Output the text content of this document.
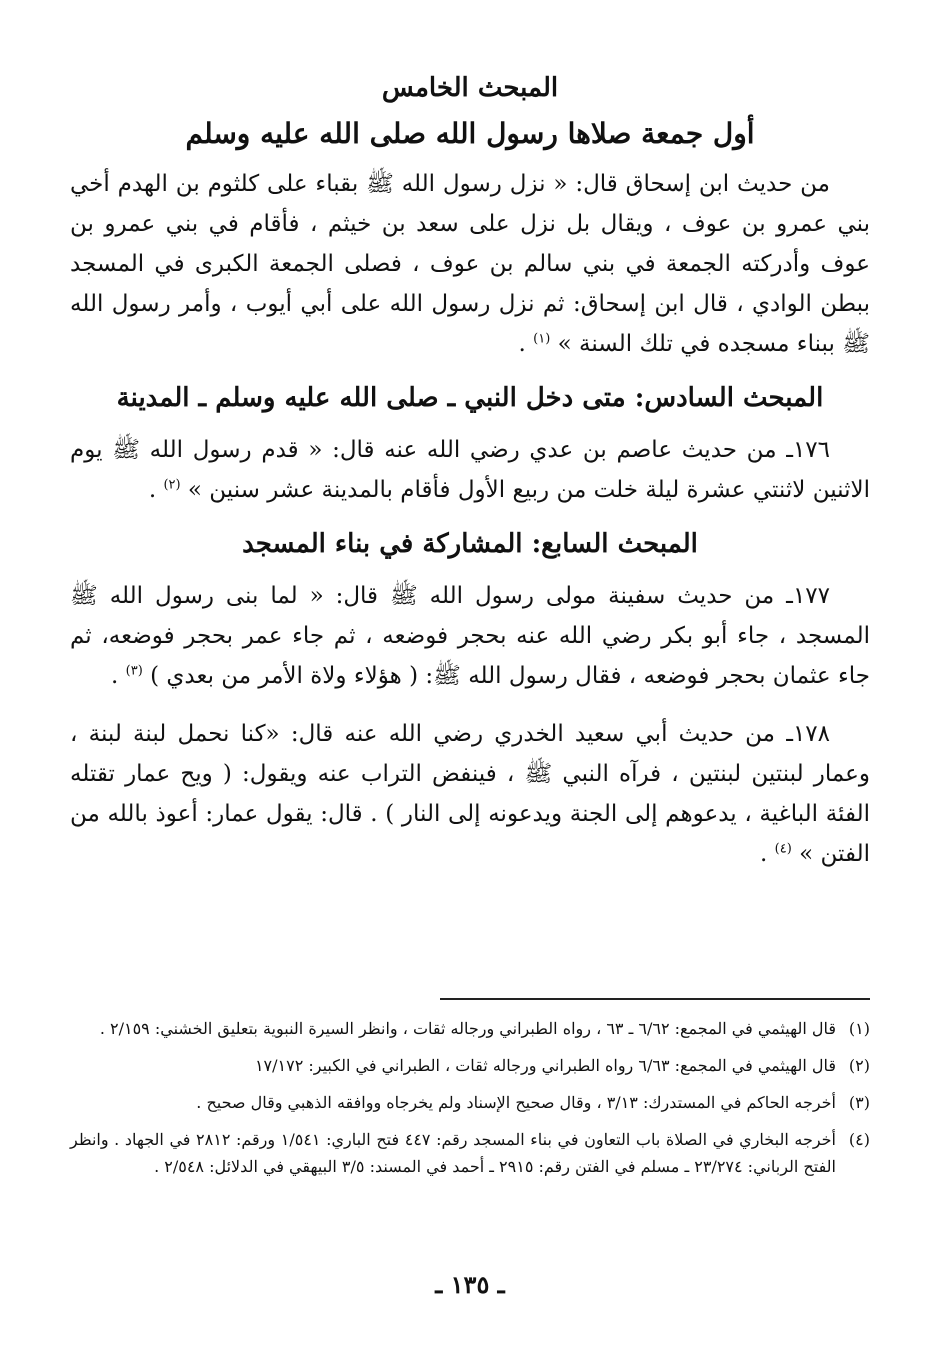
المبحث الخامس
أول جمعة صلاها رسول الله صلى الله عليه وسلم

من حديث ابن إسحاق قال: « نزل رسول الله ﷺ بقباء على كلثوم بن الهدم أخي بني عمرو بن عوف ، ويقال بل نزل على سعد بن خيثم ، فأقام في بني عمرو بن عوف وأدركته الجمعة في بني سالم بن عوف ، فصلى الجمعة الكبرى في المسجد ببطن الوادي ، قال ابن إسحاق: ثم نزل رسول الله على أبي أيوب ، وأمر رسول الله ﷺ ببناء مسجده في تلك السنة » $^{(١)}$ .

المبحث السادس: متى دخل النبي ـ صلى الله عليه وسلم ـ المدينة

١٧٦ـ من حديث عاصم بن عدي رضي الله عنه قال: « قدم رسول الله ﷺ يوم الاثنين لاثنتي عشرة ليلة خلت من ربيع الأول فأقام بالمدينة عشر سنين » $^{(٢)}$ .

المبحث السابع: المشاركة في بناء المسجد

١٧٧ـ من حديث سفينة مولى رسول الله ﷺ قال: « لما بنى رسول الله ﷺ المسجد ، جاء أبو بكر رضي الله عنه بحجر فوضعه ، ثم جاء عمر بحجر فوضعه، ثم جاء عثمان بحجر فوضعه ، فقال رسول الله ﷺ: ( هؤلاء ولاة الأمر من بعدي ) $^{(٣)}$ .

١٧٨ـ من حديث أبي سعيد الخدري رضي الله عنه قال: «كنا نحمل لبنة لبنة ، وعمار لبنتين لبنتين ، فرآه النبي ﷺ ، فينفض التراب عنه ويقول: ( ويح عمار تقتله الفئة الباغية ، يدعوهم إلى الجنة ويدعونه إلى النار ) . قال: يقول عمار: أعوذ بالله من الفتن » $^{(٤)}$ .

(١)
قال الهيثمي في المجمع: ٦/٦٢ ـ ٦٣ ، رواه الطبراني ورجاله ثقات ، وانظر السيرة النبوية بتعليق الخشني: ٢/١٥٩ .
(٢)
قال الهيثمي في المجمع: ٦/٦٣ رواه الطبراني ورجاله ثقات ، الطبراني في الكبير: ١٧/١٧٢
(٣)
أخرجه الحاكم في المستدرك: ٣/١٣ ، وقال صحيح الإسناد ولم يخرجاه ووافقه الذهبي وقال صحيح .
(٤)
أخرجه البخاري في الصلاة باب التعاون في بناء المسجد رقم: ٤٤٧ فتح الباري: ١/٥٤١ ورقم: ٢٨١٢ في الجهاد . وانظر الفتح الرباني: ٢٣/٢٧٤ ـ مسلم في الفتن رقم: ٢٩١٥ ـ أحمد في المسند: ٣/٥ البيهقي في الدلائل: ٢/٥٤٨ .
ـ ١٣٥ ـ
